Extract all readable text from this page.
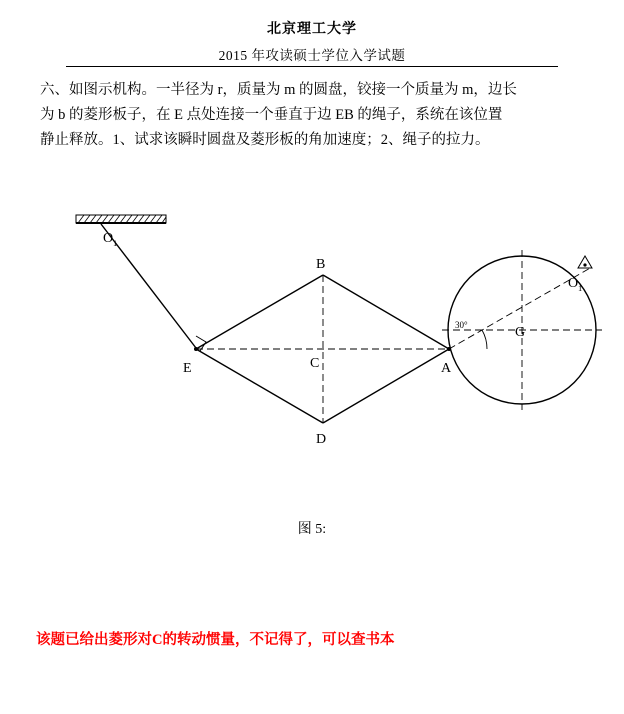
北京理工大学
2015 年攻读硕士学位入学试题
六、如图示机构。一半径为 r，质量为 m 的圆盘，铰接一个质量为 m，边长
为 b 的菱形板子，在 E 点处连接一个垂直于边 EB 的绳子，系统在该位置
静止释放。1、试求该瞬时圆盘及菱形板的角加速度；2、绳子的拉力。
O 1
B
C
D
E	A
G
O 1
30°
图 5:
该题已给出菱形对C的转动惯量，不记得了，可以查书本
